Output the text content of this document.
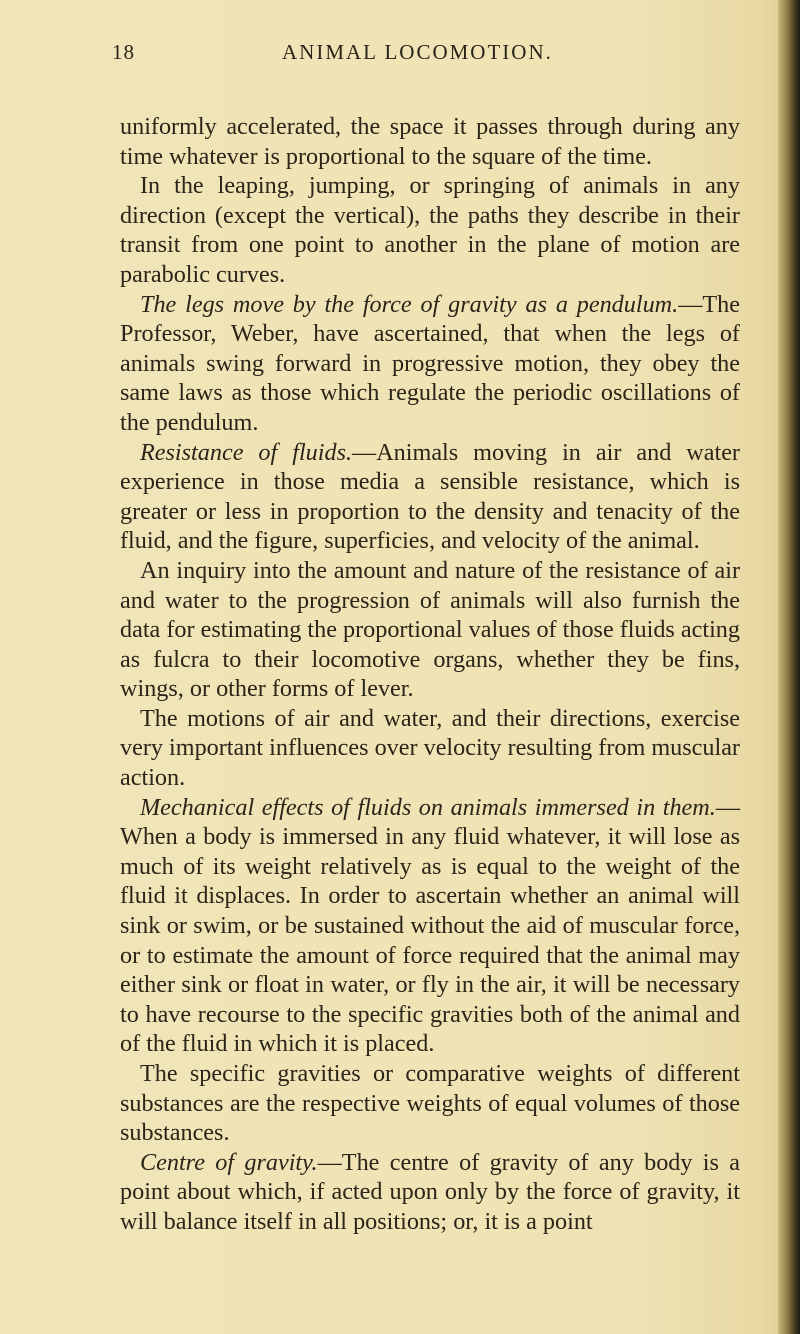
18	ANIMAL LOCOMOTION.

uniformly accelerated, the space it passes through during any time whatever is proportional to the square of the time.

In the leaping, jumping, or springing of animals in any direction (except the vertical), the paths they describe in their transit from one point to another in the plane of motion are parabolic curves.

The legs move by the force of gravity as a pendulum.—The Professor, Weber, have ascertained, that when the legs of animals swing forward in progressive motion, they obey the same laws as those which regulate the periodic oscillations of the pendulum.

Resistance of fluids.—Animals moving in air and water experience in those media a sensible resistance, which is greater or less in proportion to the density and tenacity of the fluid, and the figure, superficies, and velocity of the animal.

An inquiry into the amount and nature of the resistance of air and water to the progression of animals will also furnish the data for estimating the proportional values of those fluids acting as fulcra to their locomotive organs, whether they be fins, wings, or other forms of lever.

The motions of air and water, and their directions, exercise very important influences over velocity resulting from muscular action.

Mechanical effects of fluids on animals immersed in them.—When a body is immersed in any fluid whatever, it will lose as much of its weight relatively as is equal to the weight of the fluid it displaces. In order to ascertain whether an animal will sink or swim, or be sustained without the aid of muscular force, or to estimate the amount of force required that the animal may either sink or float in water, or fly in the air, it will be necessary to have recourse to the specific gravities both of the animal and of the fluid in which it is placed.

The specific gravities or comparative weights of different substances are the respective weights of equal volumes of those substances.

Centre of gravity.—The centre of gravity of any body is a point about which, if acted upon only by the force of gravity, it will balance itself in all positions; or, it is a point
